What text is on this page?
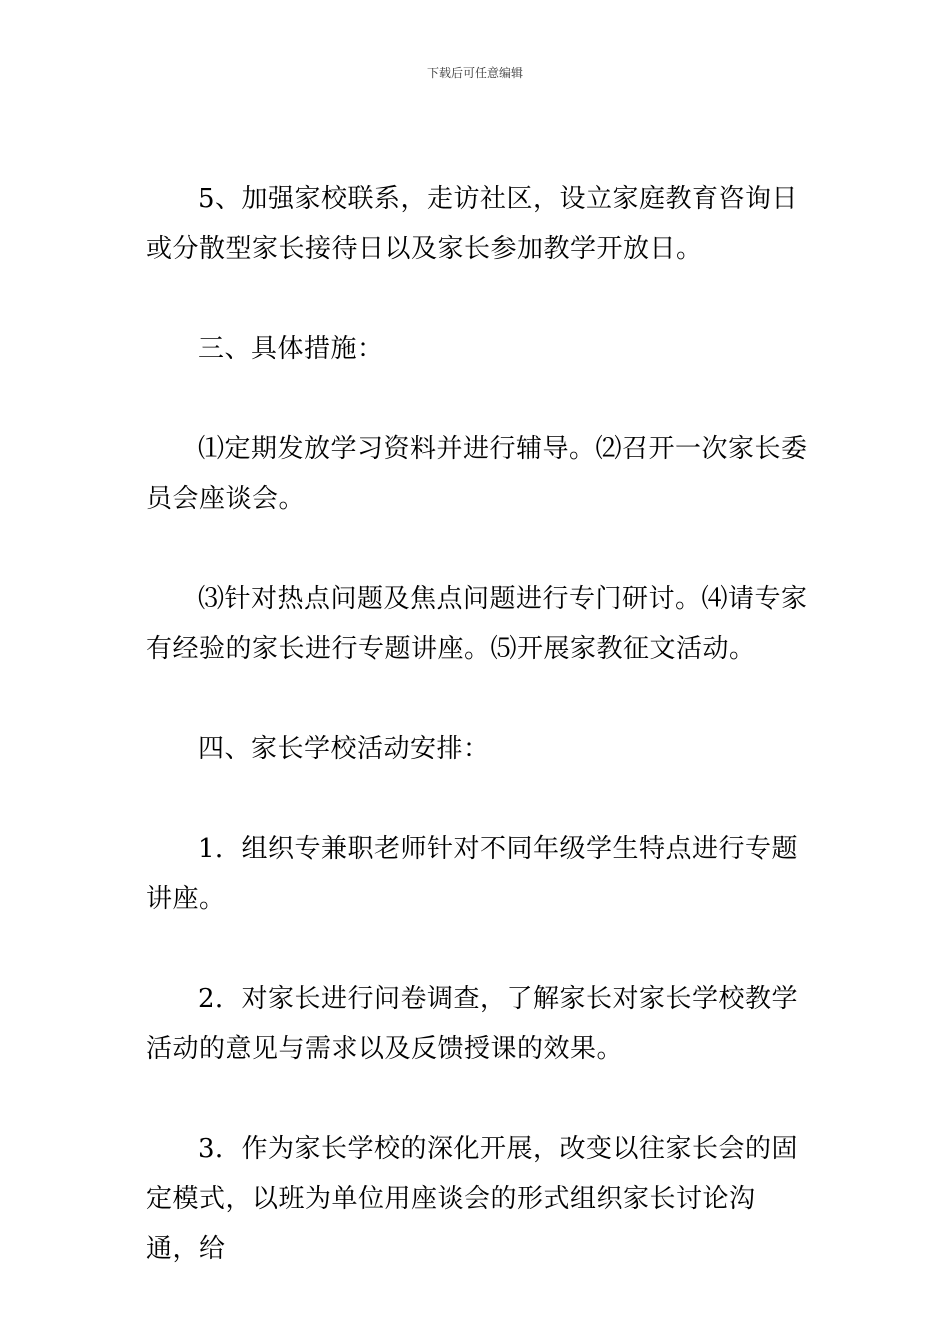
下载后可任意编辑

5、加强家校联系，走访社区，设立家庭教育咨询日或分散型家长接待日以及家长参加教学开放日。

三、具体措施：

⑴定期发放学习资料并进行辅导。⑵召开一次家长委员会座谈会。

⑶针对热点问题及焦点问题进行专门研讨。⑷请专家有经验的家长进行专题讲座。⑸开展家教征文活动。

四、家长学校活动安排：

1．组织专兼职老师针对不同年级学生特点进行专题讲座。

2．对家长进行问卷调查，了解家长对家长学校教学活动的意见与需求以及反馈授课的效果。

3．作为家长学校的深化开展，改变以往家长会的固定模式，以班为单位用座谈会的形式组织家长讨论沟通，给
